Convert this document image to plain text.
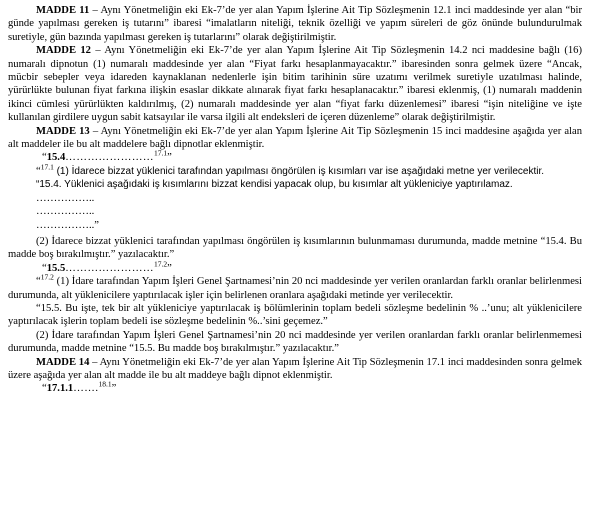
MADDE 11 – Aynı Yönetmeliğin eki Ek-7’de yer alan Yapım İşlerine Ait Tip Sözleşmenin 12.1 inci maddesinde yer alan “bir günde yapılması gereken iş tutarını” ibaresi “imalatların niteliği, teknik özelliği ve yapım süreleri de göz önünde bulundurulmak suretiyle, gün bazında yapılması gereken iş tutarlarını” olarak değiştirilmiştir.

MADDE 12 – Aynı Yönetmeliğin eki Ek-7’de yer alan Yapım İşlerine Ait Tip Sözleşmenin 14.2 nci maddesine bağlı (16) numaralı dipnotun (1) numaralı maddesinde yer alan “Fiyat farkı hesaplanmayacaktır.” ibaresinden sonra gelmek üzere “Ancak, mücbir sebepler veya idareden kaynaklanan nedenlerle işin bitim tarihinin süre uzatımı verilmek suretiyle uzatılması halinde, yürürlükte bulunan fiyat farkına ilişkin esaslar dikkate alınarak fiyat farkı hesaplanacaktır.” ibaresi eklenmiş, (1) numaralı maddenin ikinci cümlesi yürürlükten kaldırılmış, (2) numaralı maddesinde yer alan “fiyat farkı düzenlemesi” ibaresi “işin niteliğine ve işte kullanılan girdilere uygun sabit katsayılar ile varsa ilgili alt endeksleri de içeren düzenleme” olarak değiştirilmiştir.

MADDE 13 – Aynı Yönetmeliğin eki Ek-7’de yer alan Yapım İşlerine Ait Tip Sözleşmenin 15 inci maddesine aşağıda yer alan alt maddeler ile bu alt maddelere bağlı dipnotlar eklenmiştir.

“15.4……………………$^{17.1}$”

“$^{17.1}$ (1) İdarece bizzat yüklenici tarafından yapılması öngörülen iş kısımları var ise aşağıdaki metne yer verilecektir.

“15.4. Yüklenici aşağıdaki iş kısımlarını bizzat kendisi yapacak olup, bu kısımlar alt yükleniciye yaptırılamaz.

……………..

……………..

……………..”

(2) İdarece bizzat yüklenici tarafından yapılması öngörülen iş kısımlarının bulunmaması durumunda, madde metnine “15.4. Bu madde boş bırakılmıştır.” yazılacaktır.”

“15.5……………………$^{17.2}$”

“$^{17.2}$ (1) İdare tarafından Yapım İşleri Genel Şartnamesi’nin 20 nci maddesinde yer verilen oranlardan farklı oranlar belirlenmesi durumunda, alt yüklenicilere yaptırılacak işler için belirlenen oranlara aşağıdaki metinde yer verilecektir.

“15.5. Bu işte, tek bir alt yükleniciye yaptırılacak iş bölümlerinin toplam bedeli sözleşme bedelinin % ..’unu; alt yüklenicilere yaptırılacak işlerin toplam bedeli ise sözleşme bedelinin %..’sini geçemez.”

(2) İdare tarafından Yapım İşleri Genel Şartnamesi’nin 20 nci maddesinde yer verilen oranlardan farklı oranlar belirlenmemesi durumunda, madde metnine “15.5. Bu madde boş bırakılmıştır.” yazılacaktır.”

MADDE 14 – Aynı Yönetmeliğin eki Ek-7’de yer alan Yapım İşlerine Ait Tip Sözleşmenin 17.1 inci maddesinden sonra gelmek üzere aşağıda yer alan alt madde ile bu alt maddeye bağlı dipnot eklenmiştir.

“17.1.1…….$^{18.1}$”
